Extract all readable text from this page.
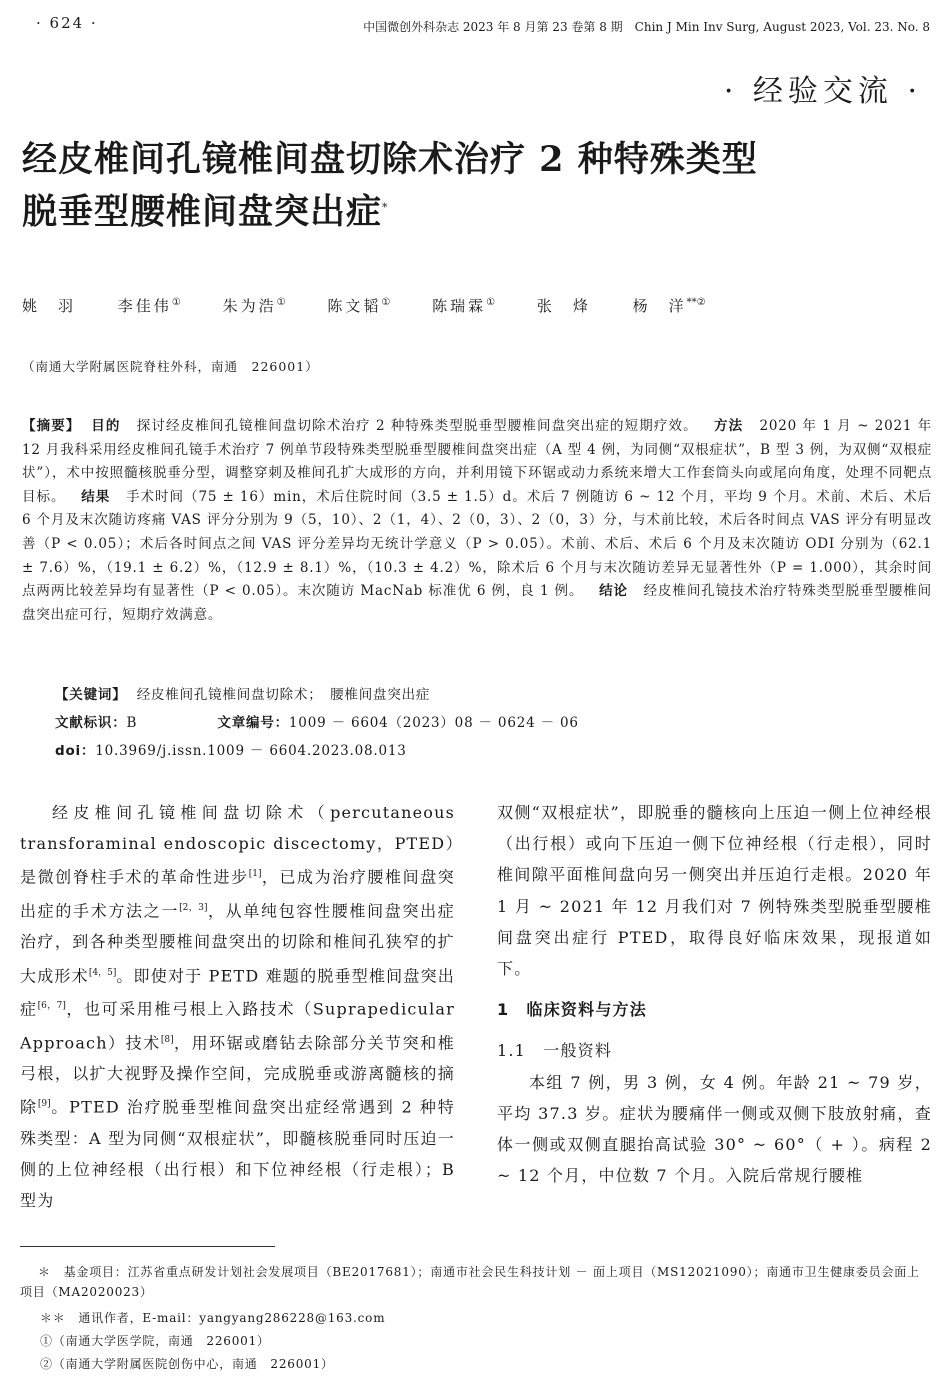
· 624 ·	中国微创外科杂志 2023 年 8 月第 23 卷第 8 期　Chin J Min Inv Surg, August 2023, Vol. 23. No. 8
· 经验交流 ·
经皮椎间孔镜椎间盘切除术治疗 2 种特殊类型
脱垂型腰椎间盘突出症*
姚　羽	李佳伟①	朱为浩①	陈文韬①	陈瑞霖①	张　烽	杨　洋**②
（南通大学附属医院脊柱外科，南通　226001）
【摘要】 目的 探讨经皮椎间孔镜椎间盘切除术治疗 2 种特殊类型脱垂型腰椎间盘突出症的短期疗效。 方法 2020 年 1 月 ~ 2021 年 12 月我科采用经皮椎间孔镜手术治疗 7 例单节段特殊类型脱垂型腰椎间盘突出症（A 型 4 例，为同侧“双根症状”，B 型 3 例，为双侧“双根症状”），术中按照髓核脱垂分型，调整穿刺及椎间孔扩大成形的方向，并利用镜下环锯或动力系统来增大工作套筒头向或尾向角度，处理不同靶点目标。 结果 手术时间（75 ± 16）min，术后住院时间（3.5 ± 1.5）d。术后 7 例随访 6 ~ 12 个月，平均 9 个月。术前、术后、术后 6 个月及末次随访疼痛 VAS 评分分别为 9（5，10）、2（1，4）、2（0，3）、2（0，3）分，与术前比较，术后各时间点 VAS 评分有明显改善（P < 0.05）；术后各时间点之间 VAS 评分差异均无统计学意义（P > 0.05）。术前、术后、术后 6 个月及末次随访 ODI 分别为（62.1 ± 7.6）%，（19.1 ± 6.2）%，（12.9 ± 8.1）%，（10.3 ± 4.2）%，除术后 6 个月与末次随访差异无显著性外（P = 1.000），其余时间点两两比较差异均有显著性（P < 0.05）。末次随访 MacNab 标准优 6 例，良 1 例。 结论 经皮椎间孔镜技术治疗特殊类型脱垂型腰椎间盘突出症可行，短期疗效满意。
【关键词】 经皮椎间孔镜椎间盘切除术；　腰椎间盘突出症
文献标识：B	文章编号：1009 － 6604（2023）08 － 0624 － 06
doi：10.3969/j.issn.1009 － 6604.2023.08.013

经皮椎间孔镜椎间盘切除术（percutaneous transforaminal endoscopic discectomy，PTED）是微创脊柱手术的革命性进步[1]，已成为治疗腰椎间盘突出症的手术方法之一[2，3]，从单纯包容性腰椎间盘突出症治疗，到各种类型腰椎间盘突出的切除和椎间孔狭窄的扩大成形术[4，5]。即使对于 PETD 难题的脱垂型椎间盘突出症[6，7]，也可采用椎弓根上入路技术（Suprapedicular Approach）技术[8]，用环锯或磨钻去除部分关节突和椎弓根，以扩大视野及操作空间，完成脱垂或游离髓核的摘除[9]。PTED 治疗脱垂型椎间盘突出症经常遇到 2 种特殊类型：A 型为同侧“双根症状”，即髓核脱垂同时压迫一侧的上位神经根（出行根）和下位神经根（行走根）；B 型为

双侧“双根症状”，即脱垂的髓核向上压迫一侧上位神经根（出行根）或向下压迫一侧下位神经根（行走根），同时椎间隙平面椎间盘向另一侧突出并压迫行走根。2020 年 1 月 ~ 2021 年 12 月我们对 7 例特殊类型脱垂型腰椎间盘突出症行 PTED，取得良好临床效果，现报道如下。

1　临床资料与方法
1.1　一般资料

本组 7 例，男 3 例，女 4 例。年龄 21 ~ 79 岁，平均 37.3 岁。症状为腰痛伴一侧或双侧下肢放射痛，查体一侧或双侧直腿抬高试验 30° ~ 60°（ + ）。病程 2 ~ 12 个月，中位数 7 个月。入院后常规行腰椎

＊　基金项目：江苏省重点研发计划社会发展项目（BE2017681）；南通市社会民生科技计划 － 面上项目（MS12021090）；南通市卫生健康委员会面上项目（MA2020023）
＊＊　通讯作者，E-mail：yangyang286228@163.com
①（南通大学医学院，南通　226001）
②（南通大学附属医院创伤中心，南通　226001）
